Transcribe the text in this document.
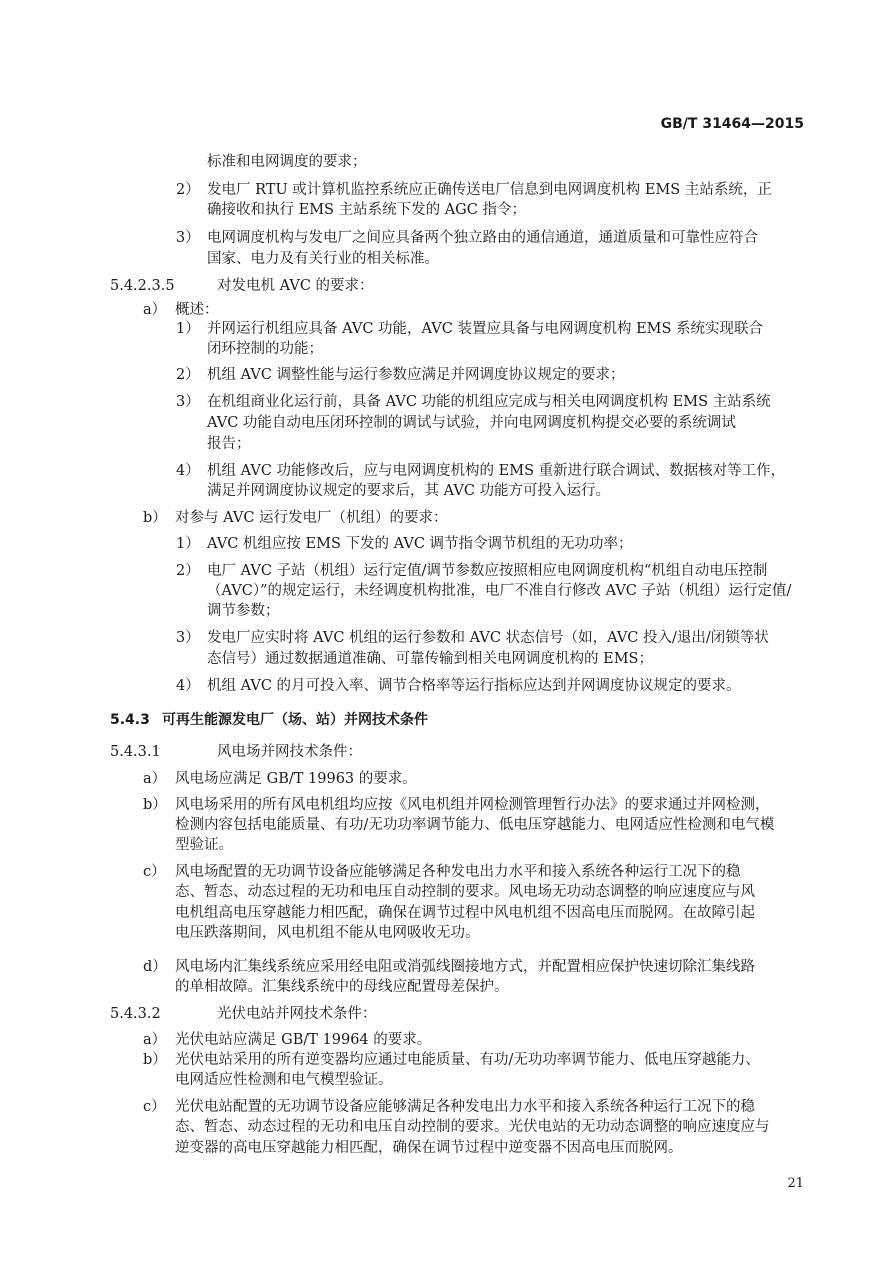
GB/T 31464—2015
标准和电网调度的要求；
2） 发电厂 RTU 或计算机监控系统应正确传送电厂信息到电网调度机构 EMS 主站系统，正
确接收和执行 EMS 主站系统下发的 AGC 指令；
3） 电网调度机构与发电厂之间应具备两个独立路由的通信通道，通道质量和可靠性应符合
国家、电力及有关行业的相关标准。
5.4.2.3.5	对发电机 AVC 的要求：
a） 概述：
1） 并网运行机组应具备 AVC 功能，AVC 装置应具备与电网调度机构 EMS 系统实现联合
闭环控制的功能；
2） 机组 AVC 调整性能与运行参数应满足并网调度协议规定的要求；
3） 在机组商业化运行前，具备 AVC 功能的机组应完成与相关电网调度机构 EMS 主站系统
AVC 功能自动电压闭环控制的调试与试验，并向电网调度机构提交必要的系统调试
报告；
4） 机组 AVC 功能修改后，应与电网调度机构的 EMS 重新进行联合调试、数据核对等工作，
满足并网调度协议规定的要求后，其 AVC 功能方可投入运行。
b） 对参与 AVC 运行发电厂（机组）的要求：
1） AVC 机组应按 EMS 下发的 AVC 调节指令调节机组的无功功率；
2） 电厂 AVC 子站（机组）运行定值/调节参数应按照相应电网调度机构“机组自动电压控制
（AVC）”的规定运行，未经调度机构批准，电厂不准自行修改 AVC 子站（机组）运行定值/
调节参数；
3） 发电厂应实时将 AVC 机组的运行参数和 AVC 状态信号（如，AVC 投入/退出/闭锁等状
态信号）通过数据通道准确、可靠传输到相关电网调度机构的 EMS；
4） 机组 AVC 的月可投入率、调节合格率等运行指标应达到并网调度协议规定的要求。
5.4.3 可再生能源发电厂（场、站）并网技术条件
5.4.3.1	风电场并网技术条件：
a） 风电场应满足 GB/T 19963 的要求。
b） 风电场采用的所有风电机组均应按《风电机组并网检测管理暂行办法》的要求通过并网检测，
检测内容包括电能质量、有功/无功功率调节能力、低电压穿越能力、电网适应性检测和电气模
型验证。
c） 风电场配置的无功调节设备应能够满足各种发电出力水平和接入系统各种运行工况下的稳
态、暂态、动态过程的无功和电压自动控制的要求。风电场无功动态调整的响应速度应与风
电机组高电压穿越能力相匹配，确保在调节过程中风电机组不因高电压而脱网。在故障引起
电压跌落期间，风电机组不能从电网吸收无功。
d） 风电场内汇集线系统应采用经电阻或消弧线圈接地方式，并配置相应保护快速切除汇集线路
的单相故障。汇集线系统中的母线应配置母差保护。
5.4.3.2	光伏电站并网技术条件：
a） 光伏电站应满足 GB/T 19964 的要求。
b） 光伏电站采用的所有逆变器均应通过电能质量、有功/无功功率调节能力、低电压穿越能力、
电网适应性检测和电气模型验证。
c） 光伏电站配置的无功调节设备应能够满足各种发电出力水平和接入系统各种运行工况下的稳
态、暂态、动态过程的无功和电压自动控制的要求。光伏电站的无功动态调整的响应速度应与
逆变器的高电压穿越能力相匹配，确保在调节过程中逆变器不因高电压而脱网。
21
